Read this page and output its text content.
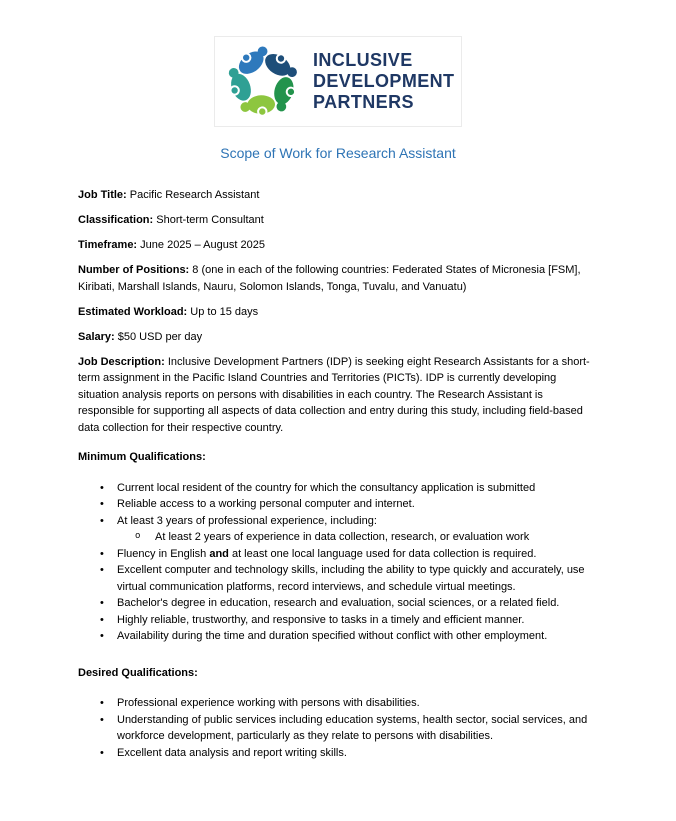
INCLUSIVE
DEVELOPMENT
PARTNERS
Scope of Work for Research Assistant

Job Title: Pacific Research Assistant

Classification: Short-term Consultant

Timeframe: June 2025 – August 2025

Number of Positions: 8 (one in each of the following countries: Federated States of Micronesia [FSM], Kiribati, Marshall Islands, Nauru, Solomon Islands, Tonga, Tuvalu, and Vanuatu)

Estimated Workload: Up to 15 days

Salary: $50 USD per day

Job Description: Inclusive Development Partners (IDP) is seeking eight Research Assistants for a short-term assignment in the Pacific Island Countries and Territories (PICTs). IDP is currently developing situation analysis reports on persons with disabilities in each country. The Research Assistant is responsible for supporting all aspects of data collection and entry during this study, including field-based data collection for their respective country.

Minimum Qualifications:
• Current local resident of the country for which the consultancy application is submitted
• Reliable access to a working personal computer and internet.
• At least 3 years of professional experience, including:
o At least 2 years of experience in data collection, research, or evaluation work
• Fluency in English and at least one local language used for data collection is required.
• Excellent computer and technology skills, including the ability to type quickly and accurately, use virtual communication platforms, record interviews, and schedule virtual meetings.
• Bachelor's degree in education, research and evaluation, social sciences, or a related field.
• Highly reliable, trustworthy, and responsive to tasks in a timely and efficient manner.
• Availability during the time and duration specified without conflict with other employment.
Desired Qualifications:
• Professional experience working with persons with disabilities.
• Understanding of public services including education systems, health sector, social services, and workforce development, particularly as they relate to persons with disabilities.
• Excellent data analysis and report writing skills.
